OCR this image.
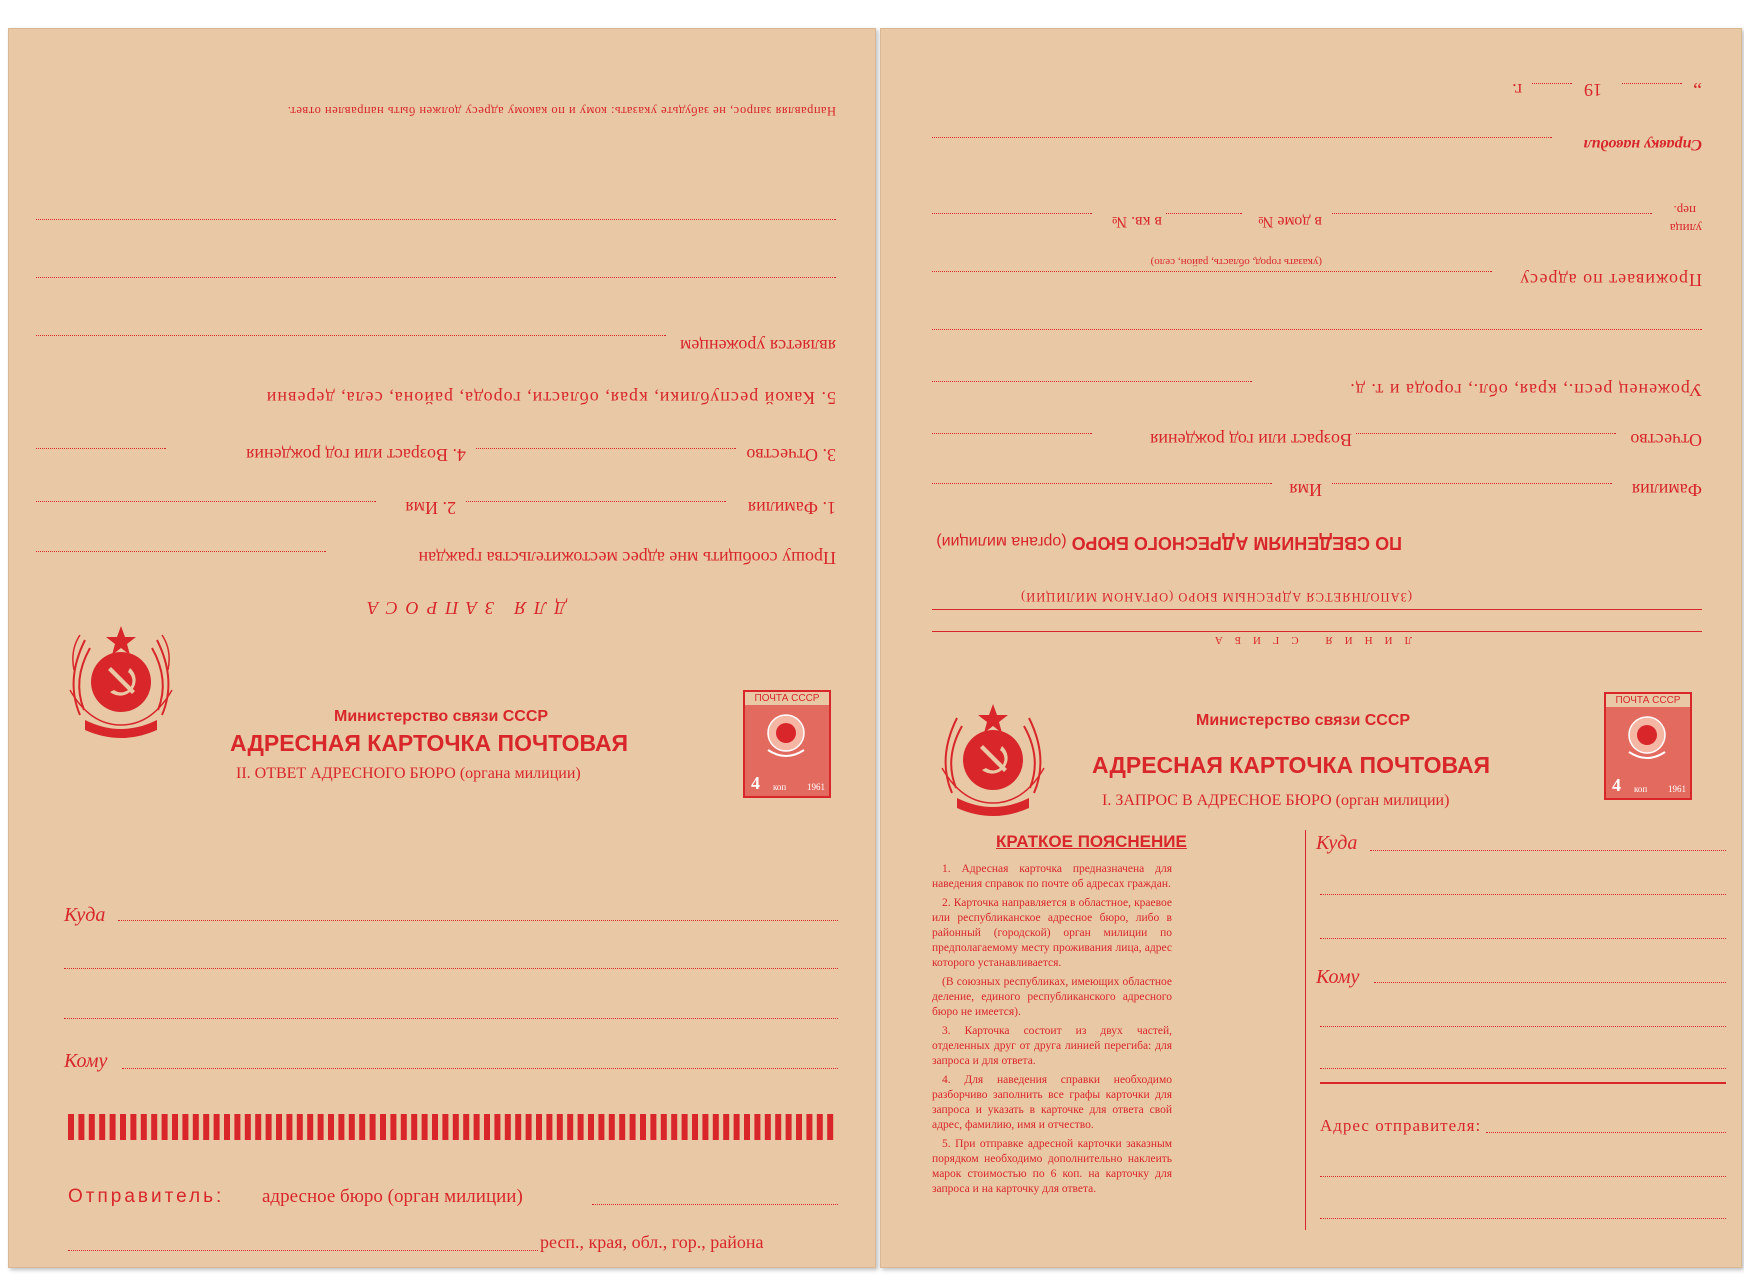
ДЛЯ ЗАПРОСА
Прошу сообщить мне адрес местожительства граждан
1. Фамилия
2. Имя
3. Отчество
4. Возраст или год рождения
5. Какой республики, края, области, города, района, села, деревни
является уроженцем
Направляя запрос, не забудьте указать: кому и по какому адресу должен быть направлен ответ.
Министерство связи СССР
АДРЕСНАЯ КАРТОЧКА ПОЧТОВАЯ
II. ОТВЕТ АДРЕСНОГО БЮРО (органа милиции)
ПОЧТА СССР
4 коп 1961
Куда
Кому
Отправитель: адресное бюро (орган милиции)
респ., края, обл., гор., района
ЛИНИЯ СГИБА
(ЗАПОЛНЯЕТСЯ АДРЕСНЫМ БЮРО (ОРГАНОМ МИЛИЦИИ)
ПО СВЕДЕНИЯМ АДРЕСНОГО БЮРО (органа милиции)
Фамилия
Имя
Отчество
Возраст или год рождения
Уроженец респ., края, обл., города и т. д.
Проживает по адресу
(указать город, область, район, село)
улица
пер.
в доме №
в кв. №
Справку наводил
„
19
г.
Министерство связи СССР
АДРЕСНАЯ КАРТОЧКА ПОЧТОВАЯ
I. ЗАПРОС В АДРЕСНОЕ БЮРО (орган милиции)
ПОЧТА СССР
4 коп 1961
КРАТКОЕ ПОЯСНЕНИЕ

1. Адресная карточка предназначена для наведения справок по почте об адресах граждан.

2. Карточка направляется в областное, краевое или республиканское адресное бюро, либо в районный (городской) орган милиции по предполагаемому месту проживания лица, адрес которого устанавливается.

(В союзных республиках, имеющих областное деление, единого республиканского адресного бюро не имеется).

3. Карточка состоит из двух частей, отделенных друг от друга линией перегиба: для запроса и для ответа.

4. Для наведения справки необходимо разборчиво заполнить все графы карточки для запроса и указать в карточке для ответа свой адрес, фамилию, имя и отчество.

5. При отправке адресной карточки заказным порядком необходимо дополнительно наклеить марок стоимостью по 6 коп. на карточку для запроса и на карточку для ответа.

Куда
Кому
Адрес отправителя:
